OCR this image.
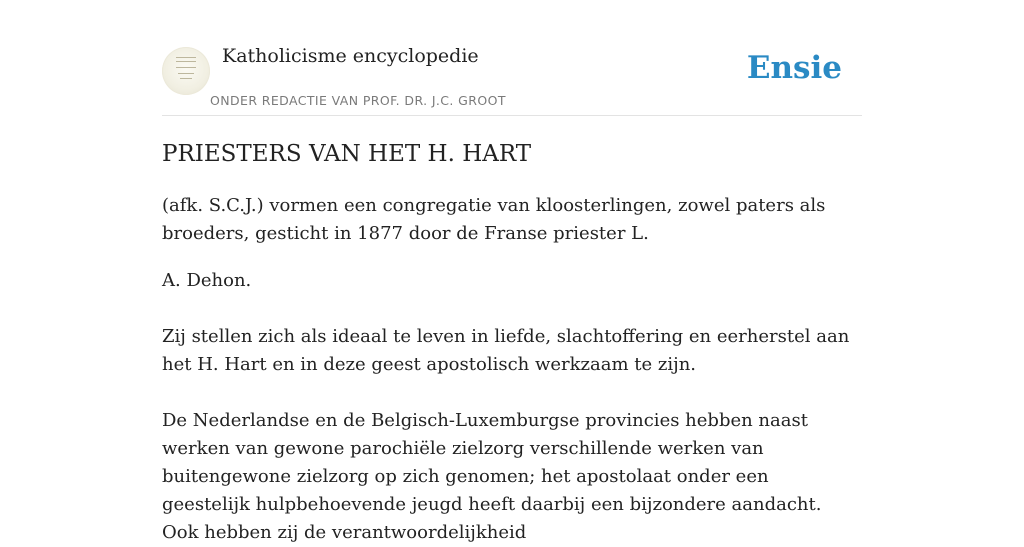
Katholicisme encyclopedie
ONDER REDACTIE VAN PROF. DR. J.C. GROOT
Ensie
PRIESTERS VAN HET H. HART

(afk. S.C.J.) vormen een congregatie van kloosterlingen, zowel paters als broeders, gesticht in 1877 door de Franse priester L.

A. Dehon.

Zij stellen zich als ideaal te leven in liefde, slachtoffering en eerherstel aan het H. Hart en in deze geest apostolisch werkzaam te zijn.

De Nederlandse en de Belgisch-Luxemburgse provincies hebben naast werken van gewone parochiële zielzorg verschillende werken van buitengewone zielzorg op zich genomen; het apostolaat onder een geestelijk hulpbehoevende jeugd heeft daarbij een bijzondere aandacht. Ook hebben zij de verantwoordelijkheid
